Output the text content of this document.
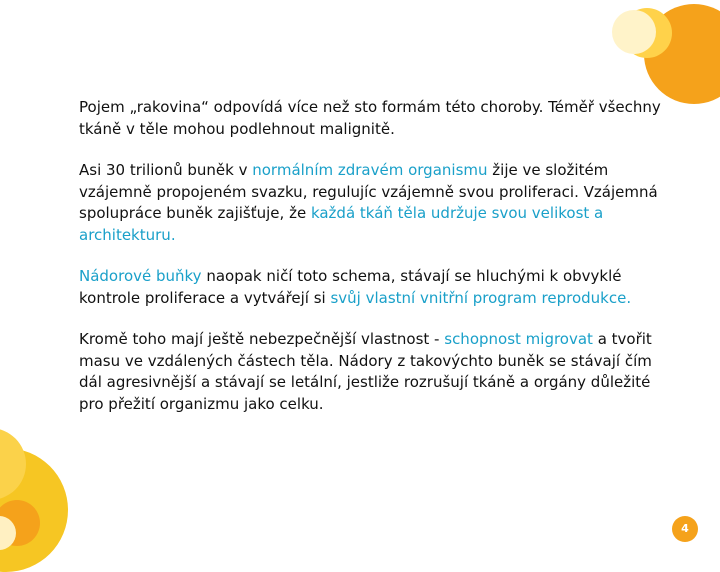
Pojem „rakovina“ odpovídá více než sto formám této choroby. Téměř všechny tkáně v těle mohou podlehnout malignitě.

Asi 30 trilionů buněk v normálním zdravém organismu žije ve složitém vzájemně propojeném svazku, regulujíc vzájemně svou proliferaci. Vzájemná spolupráce buněk zajišťuje, že každá tkáň těla udržuje svou velikost a architekturu.

Nádorové buňky naopak ničí toto schema, stávají se hluchými k obvyklé kontrole proliferace a vytvářejí si svůj vlastní vnitřní program reprodukce.

Kromě toho mají ještě nebezpečnější vlastnost - schopnost migrovat a tvořit masu ve vzdálených částech těla. Nádory z takovýchto buněk se stávají čím dál agresivnější a stávají se letální, jestliže rozrušují tkáně a orgány důležité pro přežití organizmu jako celku.

4
